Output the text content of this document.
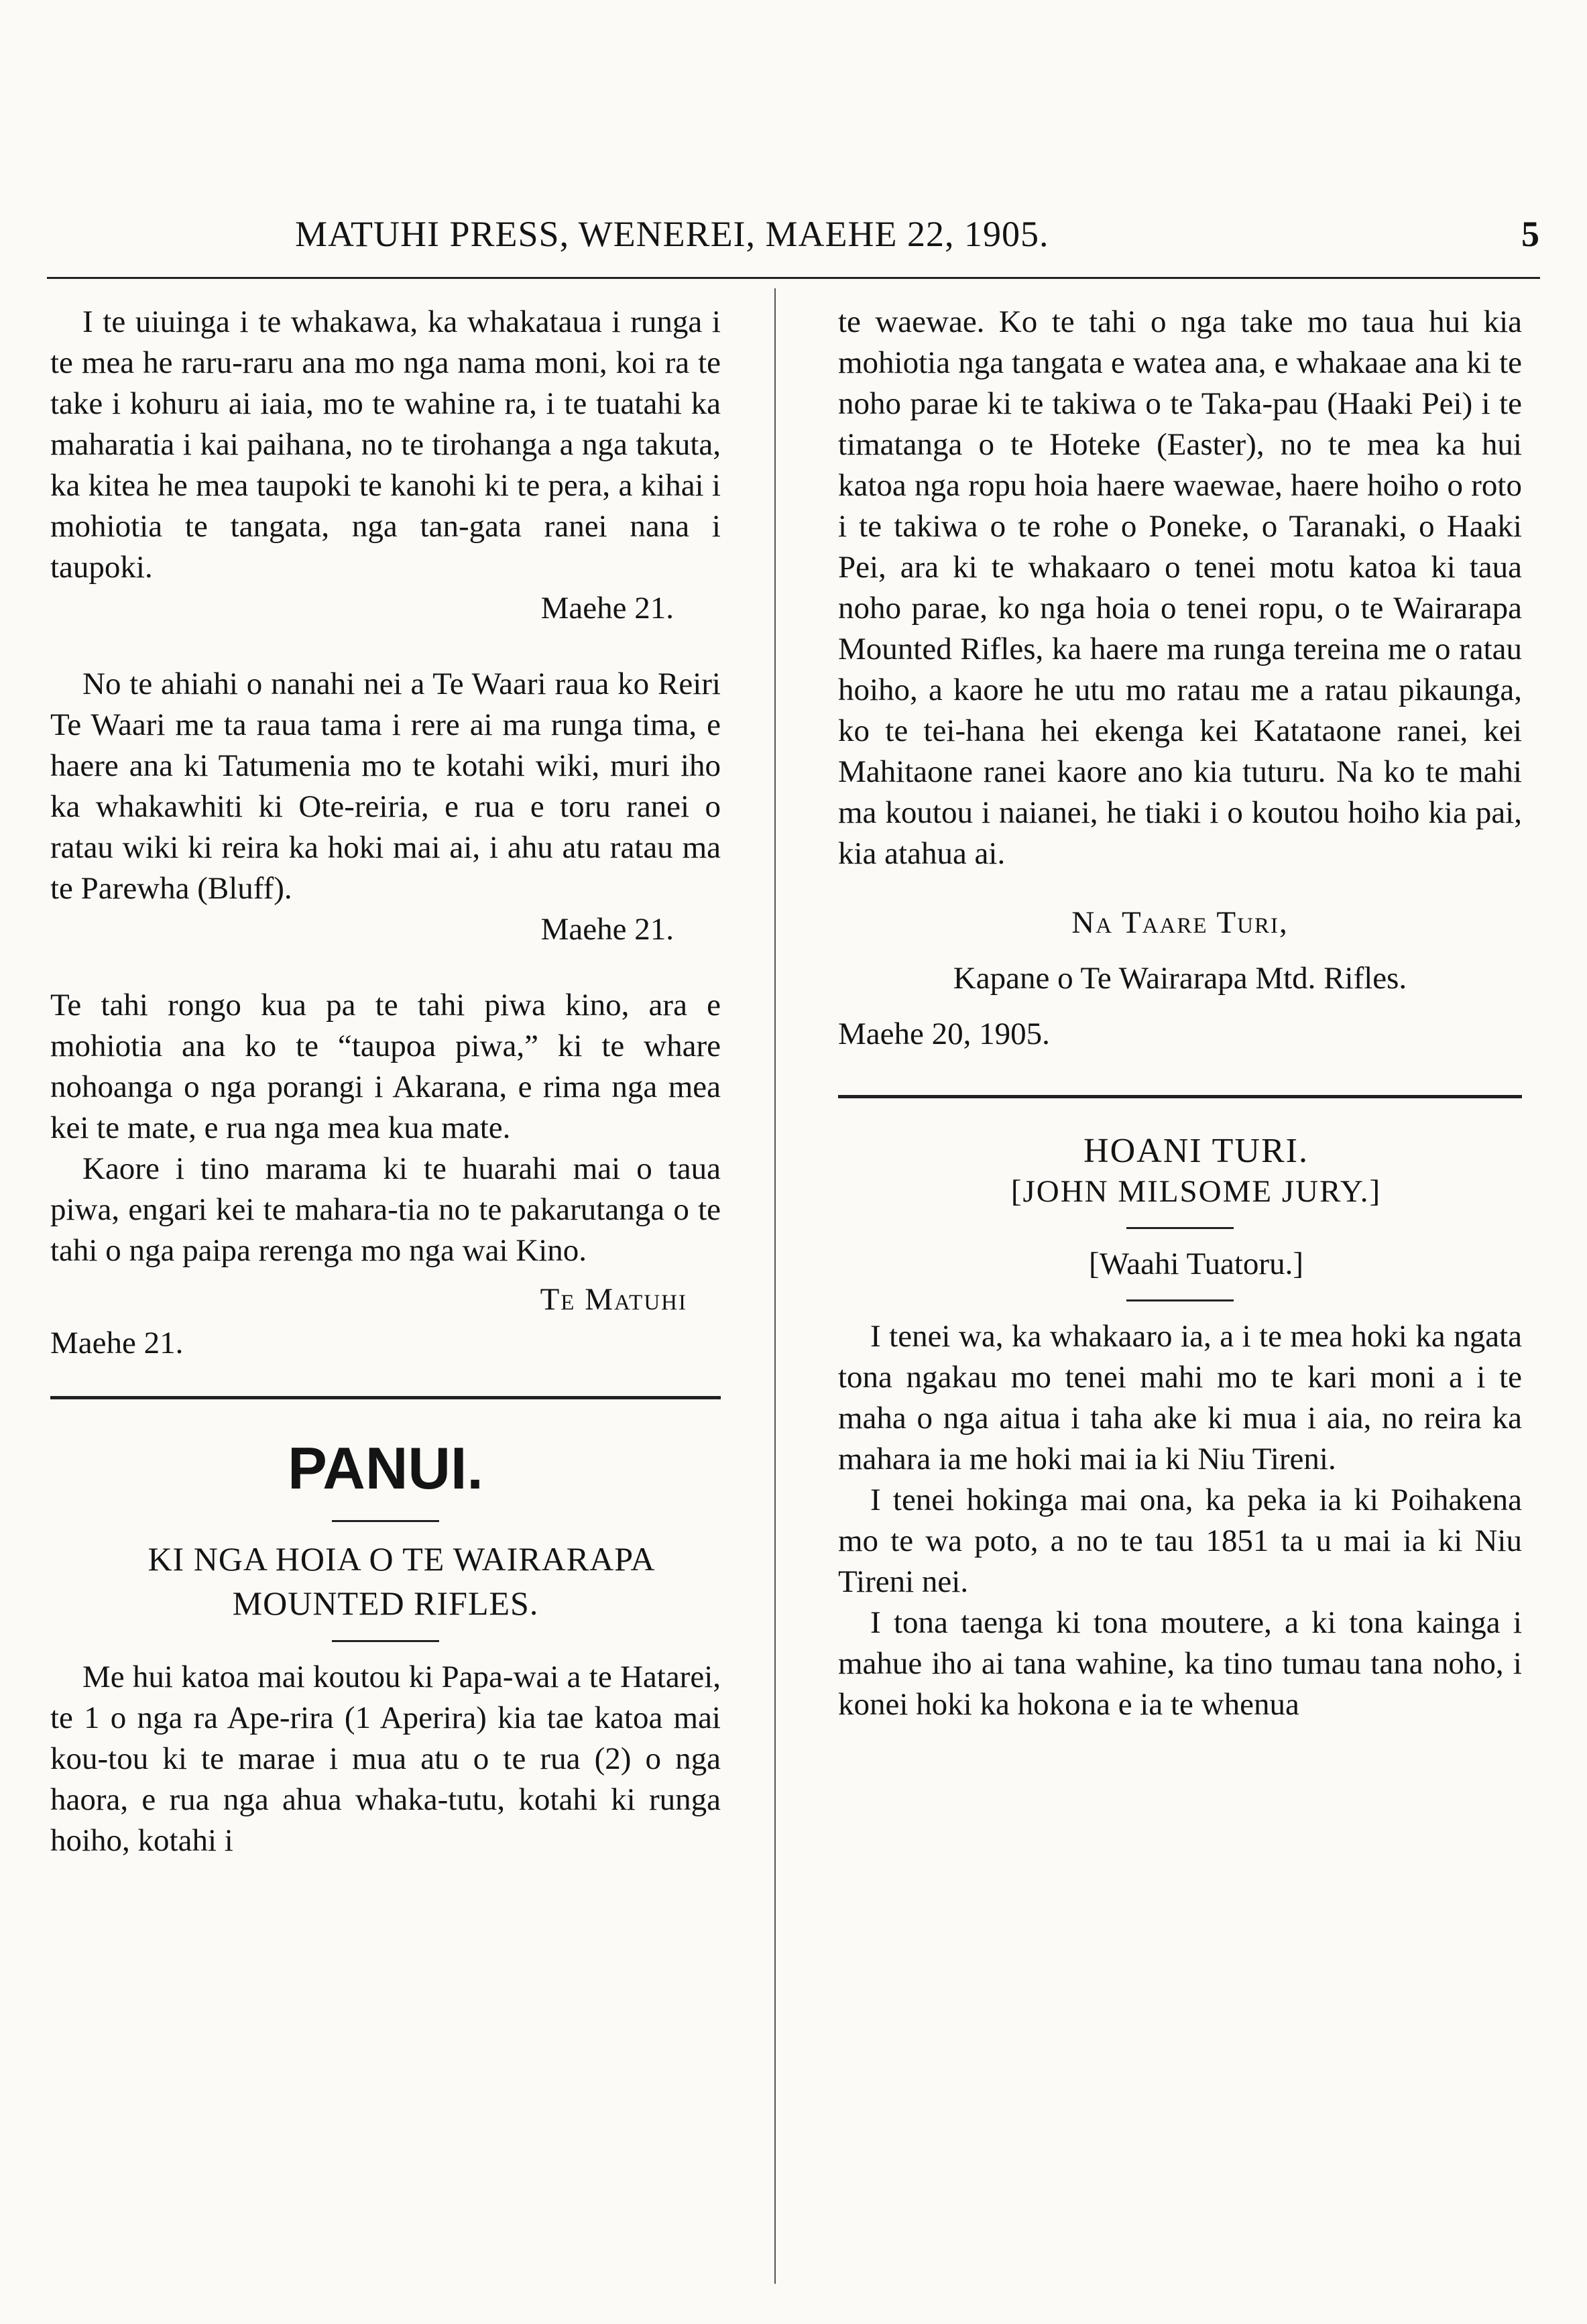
MATUHI PRESS, WENEREI, MAEHE 22, 1905.	5

I te uiuinga i te whakawa, ka whakataua i runga i te mea he raru-raru ana mo nga nama moni, koi ra te take i kohuru ai iaia, mo te wahine ra, i te tuatahi ka maharatia i kai paihana, no te tirohanga a nga takuta, ka kitea he mea taupoki te kanohi ki te pera, a kihai i mohiotia te tangata, nga tan-gata ranei nana i taupoki.

Maehe 21.

No te ahiahi o nanahi nei a Te Waari raua ko Reiri Te Waari me ta raua tama i rere ai ma runga tima, e haere ana ki Tatumenia mo te kotahi wiki, muri iho ka whakawhiti ki Ote-reiria, e rua e toru ranei o ratau wiki ki reira ka hoki mai ai, i ahu atu ratau ma te Parewha (Bluff).

Maehe 21.

Te tahi rongo kua pa te tahi piwa kino, ara e mohiotia ana ko te “taupoa piwa,” ki te whare nohoanga o nga porangi i Akarana, e rima nga mea kei te mate, e rua nga mea kua mate.

Kaore i tino marama ki te huarahi mai o taua piwa, engari kei te mahara-tia no te pakarutanga o te tahi o nga paipa rerenga mo nga wai Kino.

Te Matuhi

Maehe 21.

PANUI.

KI NGA HOIA O TE WAIRARAPA MOUNTED RIFLES.

Me hui katoa mai koutou ki Papa-wai a te Hatarei, te 1 o nga ra Ape-rira (1 Aperira) kia tae katoa mai kou-tou ki te marae i mua atu o te rua (2) o nga haora, e rua nga ahua whaka-tutu, kotahi ki runga hoiho, kotahi i

te waewae. Ko te tahi o nga take mo taua hui kia mohiotia nga tangata e watea ana, e whakaae ana ki te noho parae ki te takiwa o te Taka-pau (Haaki Pei) i te timatanga o te Hoteke (Easter), no te mea ka hui katoa nga ropu hoia haere waewae, haere hoiho o roto i te takiwa o te rohe o Poneke, o Taranaki, o Haaki Pei, ara ki te whakaaro o tenei motu katoa ki taua noho parae, ko nga hoia o tenei ropu, o te Wairarapa Mounted Rifles, ka haere ma runga tereina me o ratau hoiho, a kaore he utu mo ratau me a ratau pikaunga, ko te tei-hana hei ekenga kei Katataone ranei, kei Mahitaone ranei kaore ano kia tuturu. Na ko te mahi ma koutou i naianei, he tiaki i o koutou hoiho kia pai, kia atahua ai.

Na Taare Turi,

Kapane o Te Wairarapa Mtd. Rifles.

Maehe 20, 1905.

HOANI TURI.

[JOHN MILSOME JURY.]

[Waahi Tuatoru.]

I tenei wa, ka whakaaro ia, a i te mea hoki ka ngata tona ngakau mo tenei mahi mo te kari moni a i te maha o nga aitua i taha ake ki mua i aia, no reira ka mahara ia me hoki mai ia ki Niu Tireni.

I tenei hokinga mai ona, ka peka ia ki Poihakena mo te wa poto, a no te tau 1851 ta u mai ia ki Niu Tireni nei.

I tona taenga ki tona moutere, a ki tona kainga i mahue iho ai tana wahine, ka tino tumau tana noho, i konei hoki ka hokona e ia te whenua
